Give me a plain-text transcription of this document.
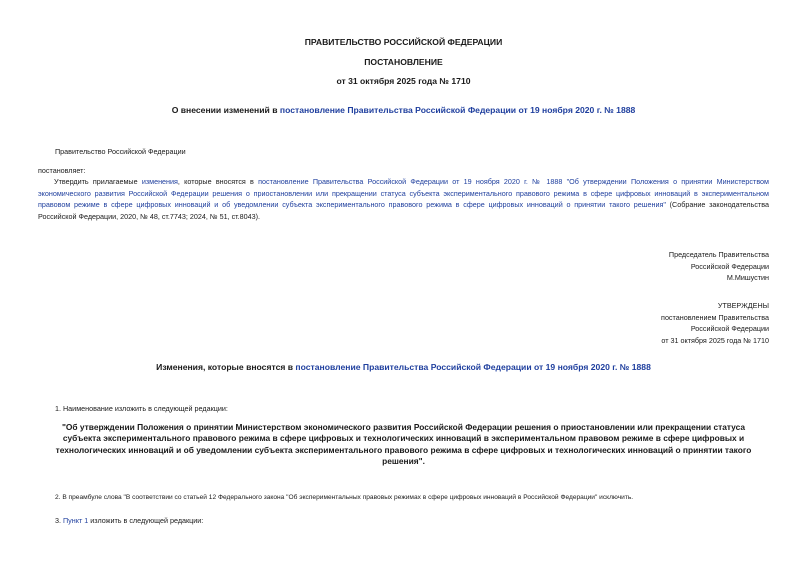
ПРАВИТЕЛЬСТВО РОССИЙСКОЙ ФЕДЕРАЦИИ
ПОСТАНОВЛЕНИЕ
от 31 октября 2025 года № 1710
О внесении изменений в постановление Правительства Российской Федерации от 19 ноября 2020 г. № 1888
Правительство Российской Федерации
постановляет:
Утвердить прилагаемые изменения, которые вносятся в постановление Правительства Российской Федерации от 19 ноября 2020 г. № 1888 "Об утверждении Положения о принятии Министерством экономического развития Российской Федерации решения о приостановлении или прекращении статуса субъекта экспериментального правового режима в сфере цифровых инноваций в экспериментальном правовом режиме в сфере цифровых инноваций и об уведомлении субъекта экспериментального правового режима в сфере цифровых инноваций о принятии такого решения" (Собрание законодательства Российской Федерации, 2020, № 48, ст.7743; 2024, № 51, ст.8043).
Председатель Правительства
Российской Федерации
М.Мишустин
УТВЕРЖДЕНЫ
постановлением Правительства
Российской Федерации
от 31 октября 2025 года № 1710
Изменения, которые вносятся в постановление Правительства Российской Федерации от 19 ноября 2020 г. № 1888
1. Наименование изложить в следующей редакции:
"Об утверждении Положения о принятии Министерством экономического развития Российской Федерации решения о приостановлении или прекращении статуса субъекта экспериментального правового режима в сфере цифровых и технологических инноваций в экспериментальном правовом режиме в сфере цифровых и технологических инноваций и об уведомлении субъекта экспериментального правового режима в сфере цифровых и технологических инноваций о принятии такого решения".
2. В преамбуле слова "В соответствии со статьей 12 Федерального закона "Об экспериментальных правовых режимах в сфере цифровых инноваций в Российской Федерации" исключить.
3. Пункт 1 изложить в следующей редакции:
